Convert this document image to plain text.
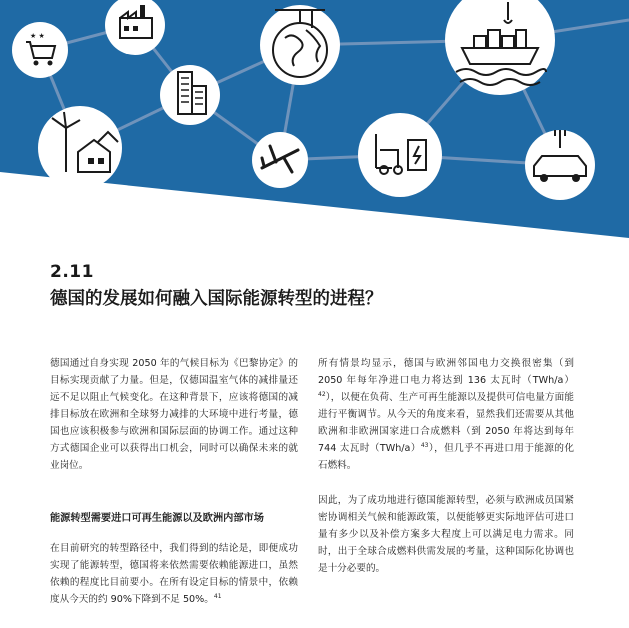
★ ★
2.11
德国的发展如何融入国际能源转型的进程？

德国通过自身实现 2050 年的气候目标为《巴黎协定》的目标实现贡献了力量。但是，仅德国温室气体的减排量还远不足以阻止气候变化。在这种背景下，应该将德国的减排目标放在欧洲和全球努力减排的大环境中进行考量，德国也应该积极参与欧洲和国际层面的协调工作。通过这种方式德国企业可以获得出口机会，同时可以确保未来的就业岗位。

能源转型需要进口可再生能源以及欧洲内部市场

在目前研究的转型路径中，我们得到的结论是，即便成功实现了能源转型，德国将来依然需要依赖能源进口，虽然依赖的程度比目前要小。在所有设定目标的情景中，依赖度从今天的约 90%下降到不足 50%。$^{41}$

所有情景均显示，德国与欧洲邻国电力交换很密集（到 2050 年每年净进口电力将达到 136 太瓦时$(TWh/a)^{42}$），以便在负荷、生产可再生能源以及提供可信电量方面能进行平衡调节。从今天的角度来看，显然我们还需要从其他欧洲和非欧洲国家进口合成燃料（到 2050 年将达到每年 744 太瓦时$(TWh/a)^{43}$），但几乎不再进口用于能源的化石燃料。

因此，为了成功地进行德国能源转型，必须与欧洲成员国紧密协调相关气候和能源政策，以便能够更实际地评估可进口量有多少以及补偿方案多大程度上可以满足电力需求。同时，出于全球合成燃料供需发展的考量，这种国际化协调也是十分必要的。
